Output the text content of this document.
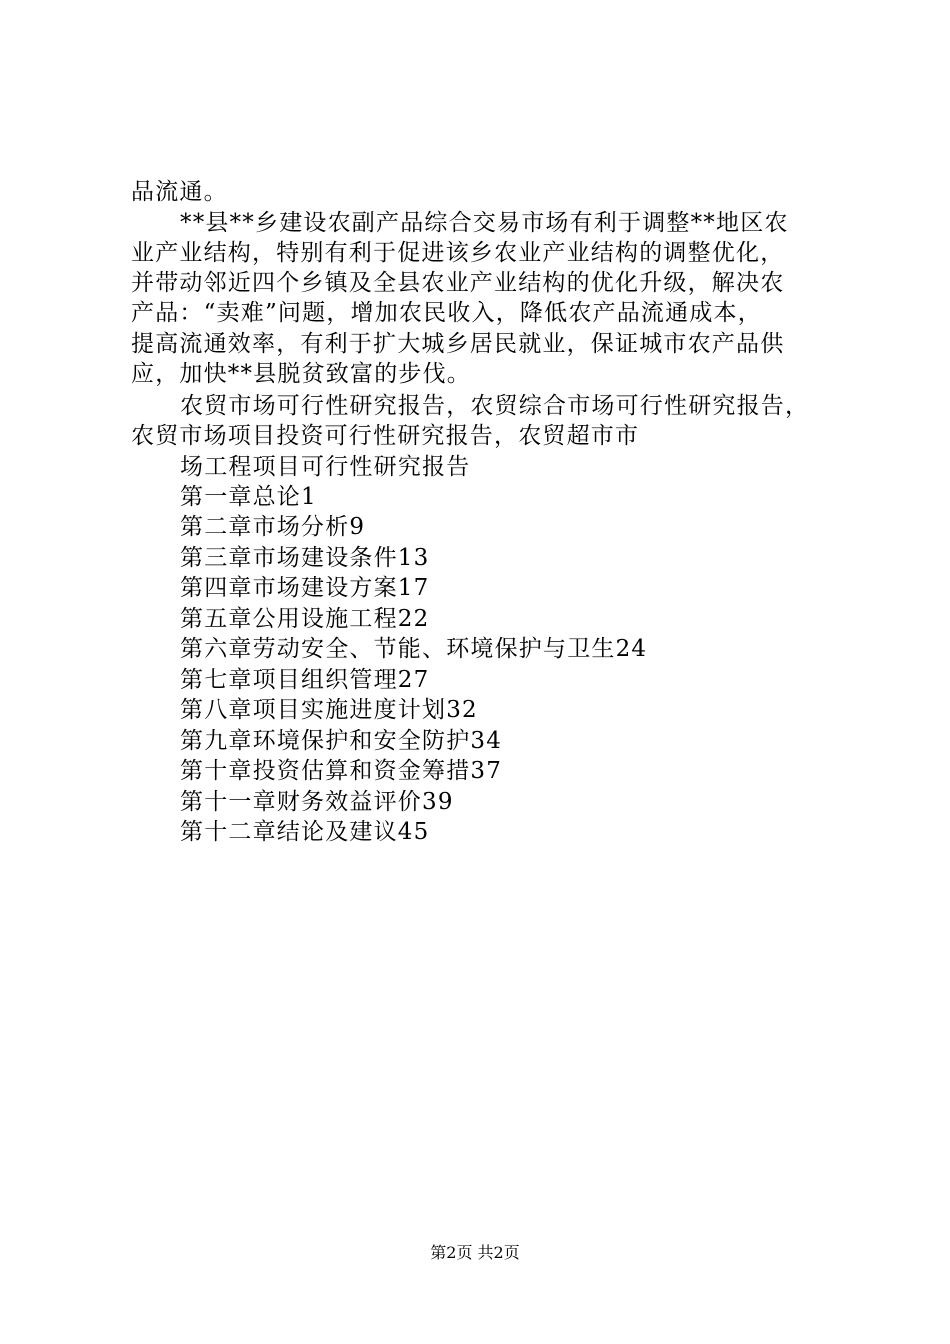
品流通。
**县**乡建设农副产品综合交易市场有利于调整**地区农
业产业结构，特别有利于促进该乡农业产业结构的调整优化，
并带动邻近四个乡镇及全县农业产业结构的优化升级，解决农
产品：“卖难”问题，增加农民收入，降低农产品流通成本，
提高流通效率，有利于扩大城乡居民就业，保证城市农产品供
应，加快**县脱贫致富的步伐。
农贸市场可行性研究报告，农贸综合市场可行性研究报告，
农贸市场项目投资可行性研究报告，农贸超市市
场工程项目可行性研究报告
第一章总论1
第二章市场分析9
第三章市场建设条件13
第四章市场建设方案17
第五章公用设施工程22
第六章劳动安全、节能、环境保护与卫生24
第七章项目组织管理27
第八章项目实施进度计划32
第九章环境保护和安全防护34
第十章投资估算和资金筹措37
第十一章财务效益评价39
第十二章结论及建议45
第2页 共2页
